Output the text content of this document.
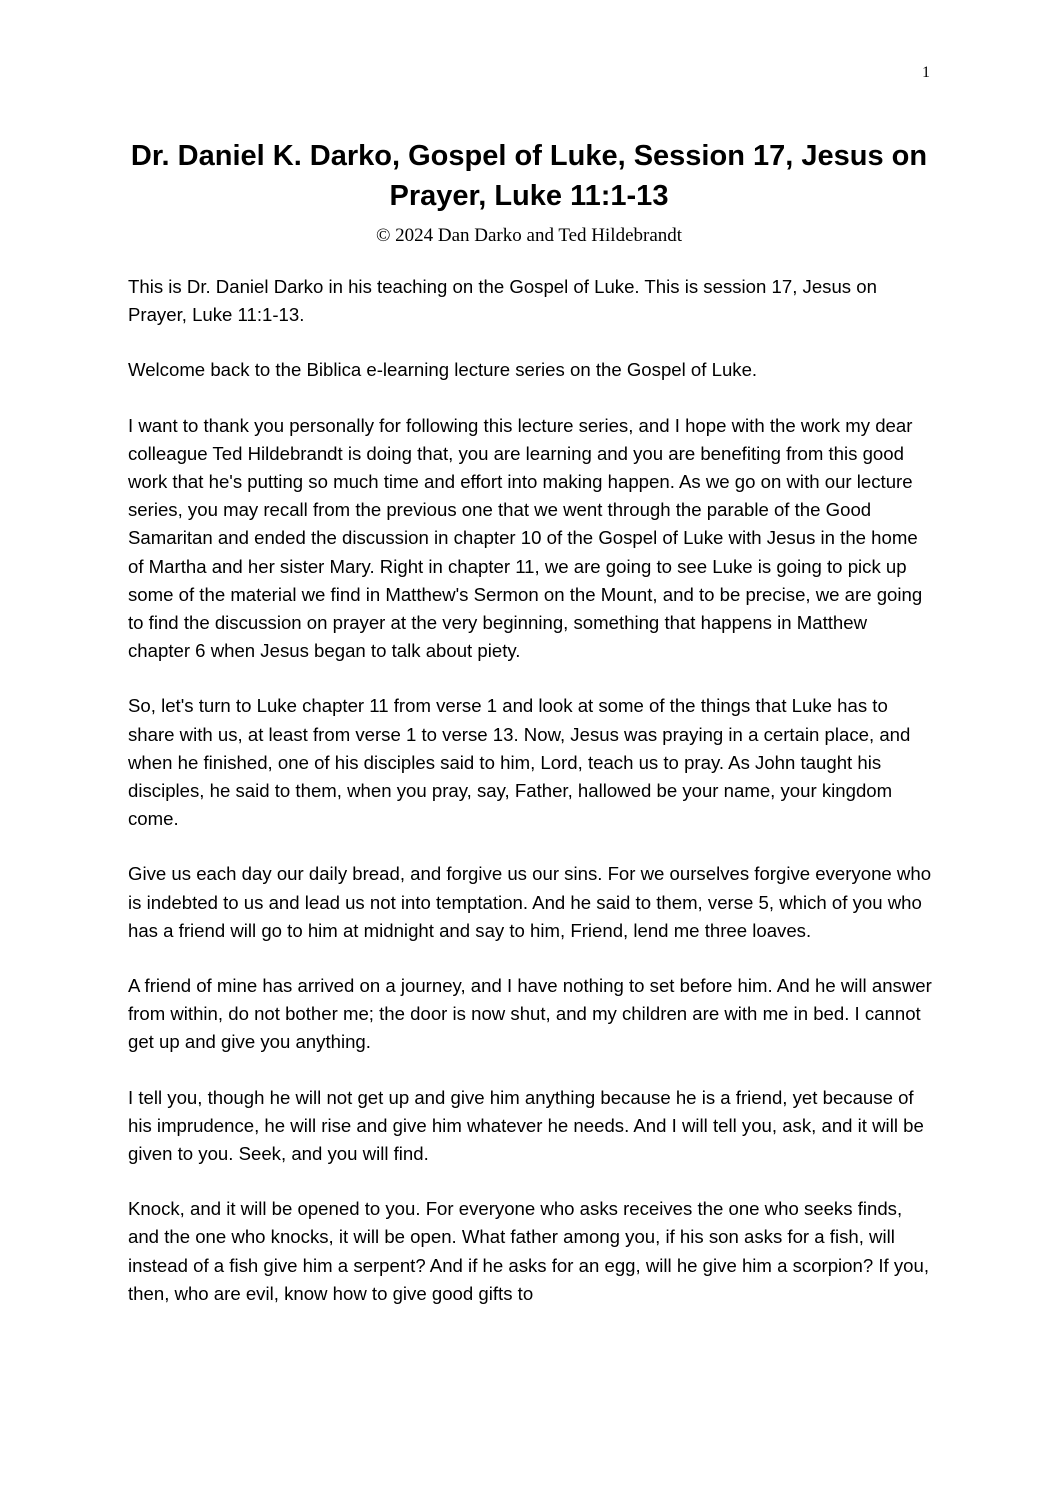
1
Dr. Daniel K. Darko, Gospel of Luke, Session 17, Jesus on Prayer, Luke 11:1-13
© 2024 Dan Darko and Ted Hildebrandt

This is Dr. Daniel Darko in his teaching on the Gospel of Luke. This is session 17, Jesus on Prayer, Luke 11:1-13.

Welcome back to the Biblica e-learning lecture series on the Gospel of Luke.

I want to thank you personally for following this lecture series, and I hope with the work my dear colleague Ted Hildebrandt is doing that, you are learning and you are benefiting from this good work that he's putting so much time and effort into making happen. As we go on with our lecture series, you may recall from the previous one that we went through the parable of the Good Samaritan and ended the discussion in chapter 10 of the Gospel of Luke with Jesus in the home of Martha and her sister Mary. Right in chapter 11, we are going to see Luke is going to pick up some of the material we find in Matthew's Sermon on the Mount, and to be precise, we are going to find the discussion on prayer at the very beginning, something that happens in Matthew chapter 6 when Jesus began to talk about piety.

So, let's turn to Luke chapter 11 from verse 1 and look at some of the things that Luke has to share with us, at least from verse 1 to verse 13. Now, Jesus was praying in a certain place, and when he finished, one of his disciples said to him, Lord, teach us to pray. As John taught his disciples, he said to them, when you pray, say, Father, hallowed be your name, your kingdom come.

Give us each day our daily bread, and forgive us our sins. For we ourselves forgive everyone who is indebted to us and lead us not into temptation. And he said to them, verse 5, which of you who has a friend will go to him at midnight and say to him, Friend, lend me three loaves.

A friend of mine has arrived on a journey, and I have nothing to set before him. And he will answer from within, do not bother me; the door is now shut, and my children are with me in bed. I cannot get up and give you anything.

I tell you, though he will not get up and give him anything because he is a friend, yet because of his imprudence, he will rise and give him whatever he needs. And I will tell you, ask, and it will be given to you. Seek, and you will find.

Knock, and it will be opened to you. For everyone who asks receives the one who seeks finds, and the one who knocks, it will be open. What father among you, if his son asks for a fish, will instead of a fish give him a serpent? And if he asks for an egg, will he give him a scorpion? If you, then, who are evil, know how to give good gifts to
